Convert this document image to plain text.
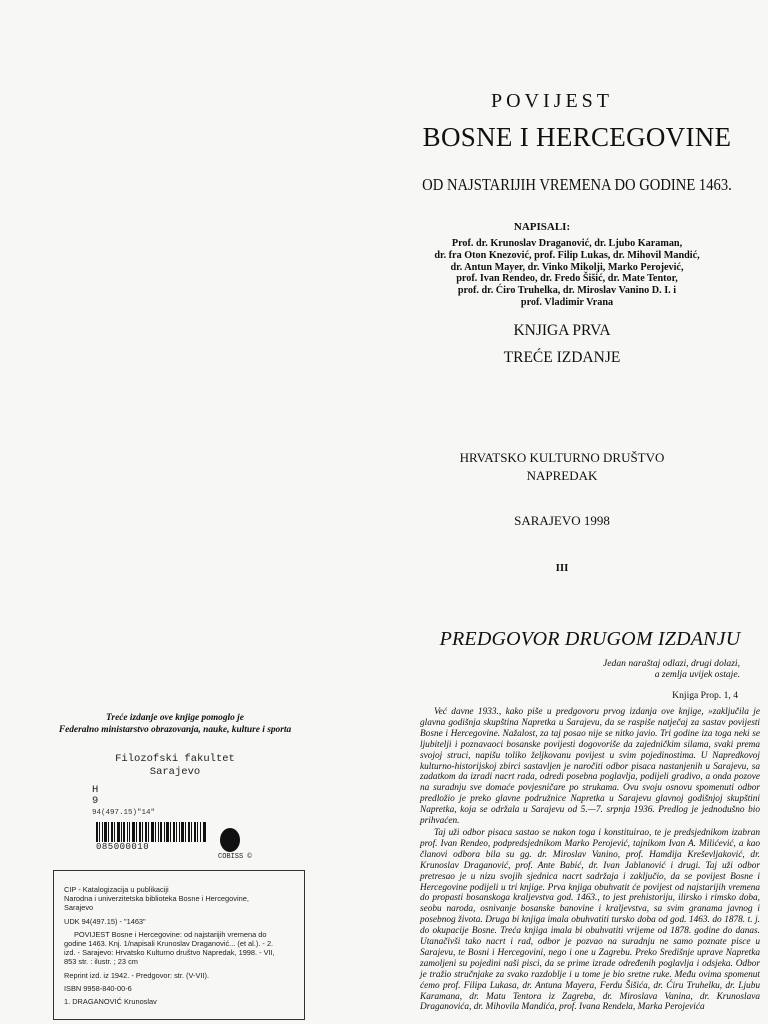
POVIJEST
BOSNE I HERCEGOVINE
OD NAJSTARIJIH VREMENA DO GODINE 1463.
NAPISALI:
Prof. dr. Krunoslav Draganović, dr. Ljubo Karaman,
dr. fra Oton Knezović, prof. Filip Lukas, dr. Mihovil Mandić,
dr. Antun Mayer, dr. Vinko Mikolji, Marko Perojević,
prof. Ivan Rendeo, dr. Fredo Šišić, dr. Mate Tentor,
prof. dr. Ćiro Truhelka, dr. Miroslav Vanino D. I. i
prof. Vladimir Vrana
KNJIGA PRVA
TREĆE IZDANJE
HRVATSKO KULTURNO DRUŠTVO
NAPREDAK
SARAJEVO 1998
III
Treće izdanje ove knjige pomoglo je
Federalno ministarstvo obrazovanja, nauke, kulture i sporta
Filozofski fakultet
Sarajevo
H
9
94(497.15)"14"
085000010
COBISS ©

CIP - Katalogizacija u publikaciji
Narodna i univerzitetska biblioteka Bosne i Hercegovine,
Sarajevo

UDK 94(497.15) - "1463"

POVIJEST Bosne i Hercegovine: od najstarijih vremena do godine 1463. Knj. 1/napisali Krunoslav Draganović... (et al.). - 2. izd. - Sarajevo: Hrvatsko Kulturno društvo Napredak, 1998. - VII, 853 str. : ilustr. ; 23 cm

Reprint izd. iz 1942. - Predgovor: str. (V-VII).

ISBN 9958-840-00-6

1. DRAGANOVIĆ Krunoslav

PREDGOVOR DRUGOM IZDANJU
Jedan naraštaj odlazi, drugi dolazi,
a zemlja uvijek ostaje.
Knjiga Prop. 1, 4

Već davne 1933., kako piše u predgovoru prvog izdanja ove knjige, »zaključila je glavna godišnja skupština Napretka u Sarajevu, da se raspiše natječaj za sastav povijesti Bosne i Hercegovine. Nažalost, za taj posao nije se nitko javio. Tri godine iza toga neki se ljubitelji i poznavaoci bosanske povijesti dogovoriše da zajedničkim silama, svaki prema svojoj struci, napišu toliko željkovanu povijest u svim pojedinostima. U Napredkovoj kulturno-historijskoj zbirci sastavljen je naročiti odbor pisaca nastanjenih u Sarajevu, sa zadatkom da izradi nacrt rada, odredi posebna poglavlja, podijeli gradivo, a onda pozove na suradnju sve domaće povjesničare po strukama. Ovu svoju osnovu spomenuti odbor predložio je preko glavne podružnice Napretka u Sarajevu glavnoj godišnjoj skupštini Napretka, koja se održala u Sarajevu od 5.—7. srpnja 1936. Predlog je jednodušno bio prihvaćen.

Taj uži odbor pisaca sastao se nakon toga i konstituirao, te je predsjednikom izabran prof. Ivan Rendeo, podpredsjednikom Marko Perojević, tajnikom Ivan A. Milićević, a kao članovi odbora bila su gg. dr. Miroslav Vanino, prof. Hamdija Kreševljaković, dr. Krunoslav Draganović, prof. Ante Babić, dr. Ivan Jablanović i drugi. Taj uži odbor pretresao je u nizu svojih sjednica nacrt sadržaja i zaključio, da se povijest Bosne i Hercegovine podijeli u tri knjige. Prva knjiga obuhvatit će povijest od najstarijih vremena do propasti bosanskoga kraljevstva god. 1463., to jest prehistoriju, ilirsko i rimsko doba, seobu naroda, osnivanje bosanske banovine i kraljevstva, sa svim granama javnog i posebnog života. Druga bi knjiga imala obuhvatiti tursko doba od god. 1463. do 1878. t. j. do okupacije Bosne. Treća knjiga imala bi obuhvatiti vrijeme od 1878. godine do danas. Utanačivši tako nacrt i rad, odbor je pozvao na suradnju ne samo poznate pisce u Sarajevu, te Bosni i Hercegovini, nego i one u Zagrebu. Preko Središnje uprave Napretka zamoljeni su pojedini naši pisci, da se prime izrade određenih poglavlja i odsjeka. Odbor je tražio stručnjake za svako razdoblje i u tome je bio sretne ruke. Među ovima spomenut ćemo prof. Filipa Lukasa, dr. Antuna Mayera, Ferdu Šišića, dr. Ćiru Truhelku, dr. Ljubu Karamana, dr. Matu Tentora iz Zagreba, dr. Miroslava Vanina, dr. Krunoslava Draganovića, dr. Mihovila Mandića, prof. Ivana Rendela, Marka Perojevića
